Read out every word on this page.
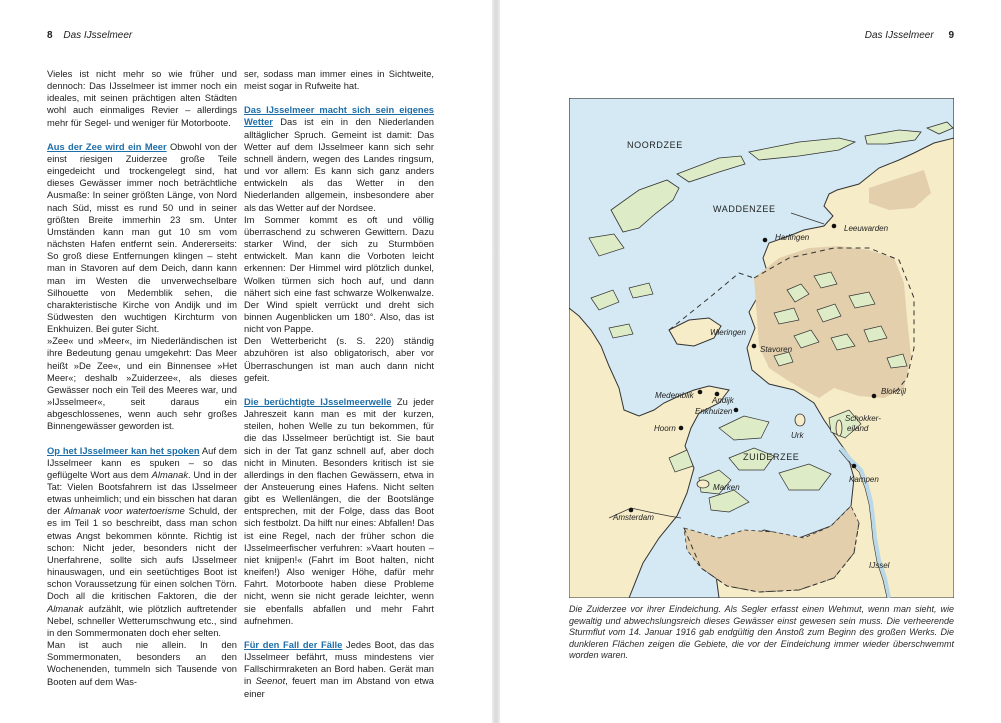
8 Das IJsselmeer

Vieles ist nicht mehr so wie früher und dennoch: Das IJsselmeer ist immer noch ein ideales, mit seinen prächtigen alten Städten wohl auch einmaliges Revier – allerdings mehr für Segel- und weniger für Motorboote.

Aus der Zee wird ein Meer Obwohl von der einst riesigen Zuiderzee große Teile eingedeicht und trockengelegt sind, hat dieses Gewässer immer noch beträchtliche Ausmaße: In seiner größten Länge, von Nord nach Süd, misst es rund 50 und in seiner größten Breite immerhin 23 sm. Unter Umständen kann man gut 10 sm vom nächsten Hafen entfernt sein. Andererseits: So groß diese Entfernungen klingen – steht man in Stavoren auf dem Deich, dann kann man im Westen die unverwechselbare Silhouette von Medemblik sehen, die charakteristische Kirche von Andijk und im Südwesten den wuchtigen Kirchturm von Enkhuizen. Bei guter Sicht.

»Zee« und »Meer«, im Niederländischen ist ihre Bedeutung genau umgekehrt: Das Meer heißt »De Zee«, und ein Binnensee »Het Meer«; deshalb »Zuiderzee«, als dieses Gewässer noch ein Teil des Meeres war, und »IJsselmeer«, seit daraus ein abgeschlossenes, wenn auch sehr großes Binnengewässer geworden ist.

Op het IJsselmeer kan het spoken Auf dem IJsselmeer kann es spuken – so das geflügelte Wort aus dem Almanak. Und in der Tat: Vielen Bootsfahrern ist das IJsselmeer etwas unheimlich; und ein bisschen hat daran der Almanak voor watertoerisme Schuld, der es im Teil 1 so beschreibt, dass man schon etwas Angst bekommen könnte. Richtig ist schon: Nicht jeder, besonders nicht der Unerfahrene, sollte sich aufs IJsselmeer hinauswagen, und ein seetüchtiges Boot ist schon Voraussetzung für einen solchen Törn. Doch all die kritischen Faktoren, die der Almanak aufzählt, wie plötzlich auftretender Nebel, schneller Wetterumschwung etc., sind in den Sommermonaten doch eher selten.

Man ist auch nie allein. In den Sommermonaten, besonders an den Wochenenden, tummeln sich Tausende von Booten auf dem Was-

ser, sodass man immer eines in Sichtweite, meist sogar in Rufweite hat.

Das IJsselmeer macht sich sein eigenes Wetter Das ist ein in den Niederlanden alltäglicher Spruch. Gemeint ist damit: Das Wetter auf dem IJsselmeer kann sich sehr schnell ändern, wegen des Landes ringsum, und vor allem: Es kann sich ganz anders entwickeln als das Wetter in den Niederlanden allgemein, insbesondere aber als das Wetter auf der Nordsee.

Im Sommer kommt es oft und völlig überraschend zu schweren Gewittern. Dazu starker Wind, der sich zu Sturmböen entwickelt. Man kann die Vorboten leicht erkennen: Der Himmel wird plötzlich dunkel, Wolken türmen sich hoch auf, und dann nähert sich eine fast schwarze Wolkenwalze. Der Wind spielt verrückt und dreht sich binnen Augenblicken um 180°. Also, das ist nicht von Pappe.

Den Wetterbericht (s. S. 220) ständig abzuhören ist also obligatorisch, aber vor Überraschungen ist man auch dann nicht gefeit.

Die berüchtigte IJsselmeerwelle Zu jeder Jahreszeit kann man es mit der kurzen, steilen, hohen Welle zu tun bekommen, für die das IJsselmeer berüchtigt ist. Sie baut sich in der Tat ganz schnell auf, aber doch nicht in Minuten. Besonders kritisch ist sie allerdings in den flachen Gewässern, etwa in der Ansteuerung eines Hafens. Nicht selten gibt es Wellenlängen, die der Bootslänge entsprechen, mit der Folge, dass das Boot sich festbolzt. Da hilft nur eines: Abfallen! Das ist eine Regel, nach der früher schon die IJsselmeerfischer verfuhren: »Vaart houten – niet knijpen!« (Fahrt im Boot halten, nicht kneifen!) Also weniger Höhe, dafür mehr Fahrt. Motorboote haben diese Probleme nicht, wenn sie nicht gerade leichter, wenn sie ebenfalls abfallen und mehr Fahrt aufnehmen.

Für den Fall der Fälle Jedes Boot, das das IJsselmeer befährt, muss mindestens vier Fallschirmraketen an Bord haben. Gerät man in Seenot, feuert man im Abstand von etwa einer

Das IJsselmeer 9
NOORDZEE
WADDENZEE
ZUIDERZEE
Harlingen
Leeuwarden
Wieringen
Stavoren
Medemblik
Andijk
Enkhuizen
Hoorn
Urk
Blokzijl
Schokker-
eiland
Kampen
Marken
Amsterdam
IJssel
Die Zuiderzee vor ihrer Eindeichung. Als Segler erfasst einen Wehmut, wenn man sieht, wie gewaltig und abwechslungsreich dieses Gewässer einst gewesen sein muss. Die verheerende Sturmflut vom 14. Januar 1916 gab endgültig den Anstoß zum Beginn des großen Werks. Die dunkleren Flächen zeigen die Gebiete, die vor der Eindeichung immer wieder überschwemmt worden waren.
